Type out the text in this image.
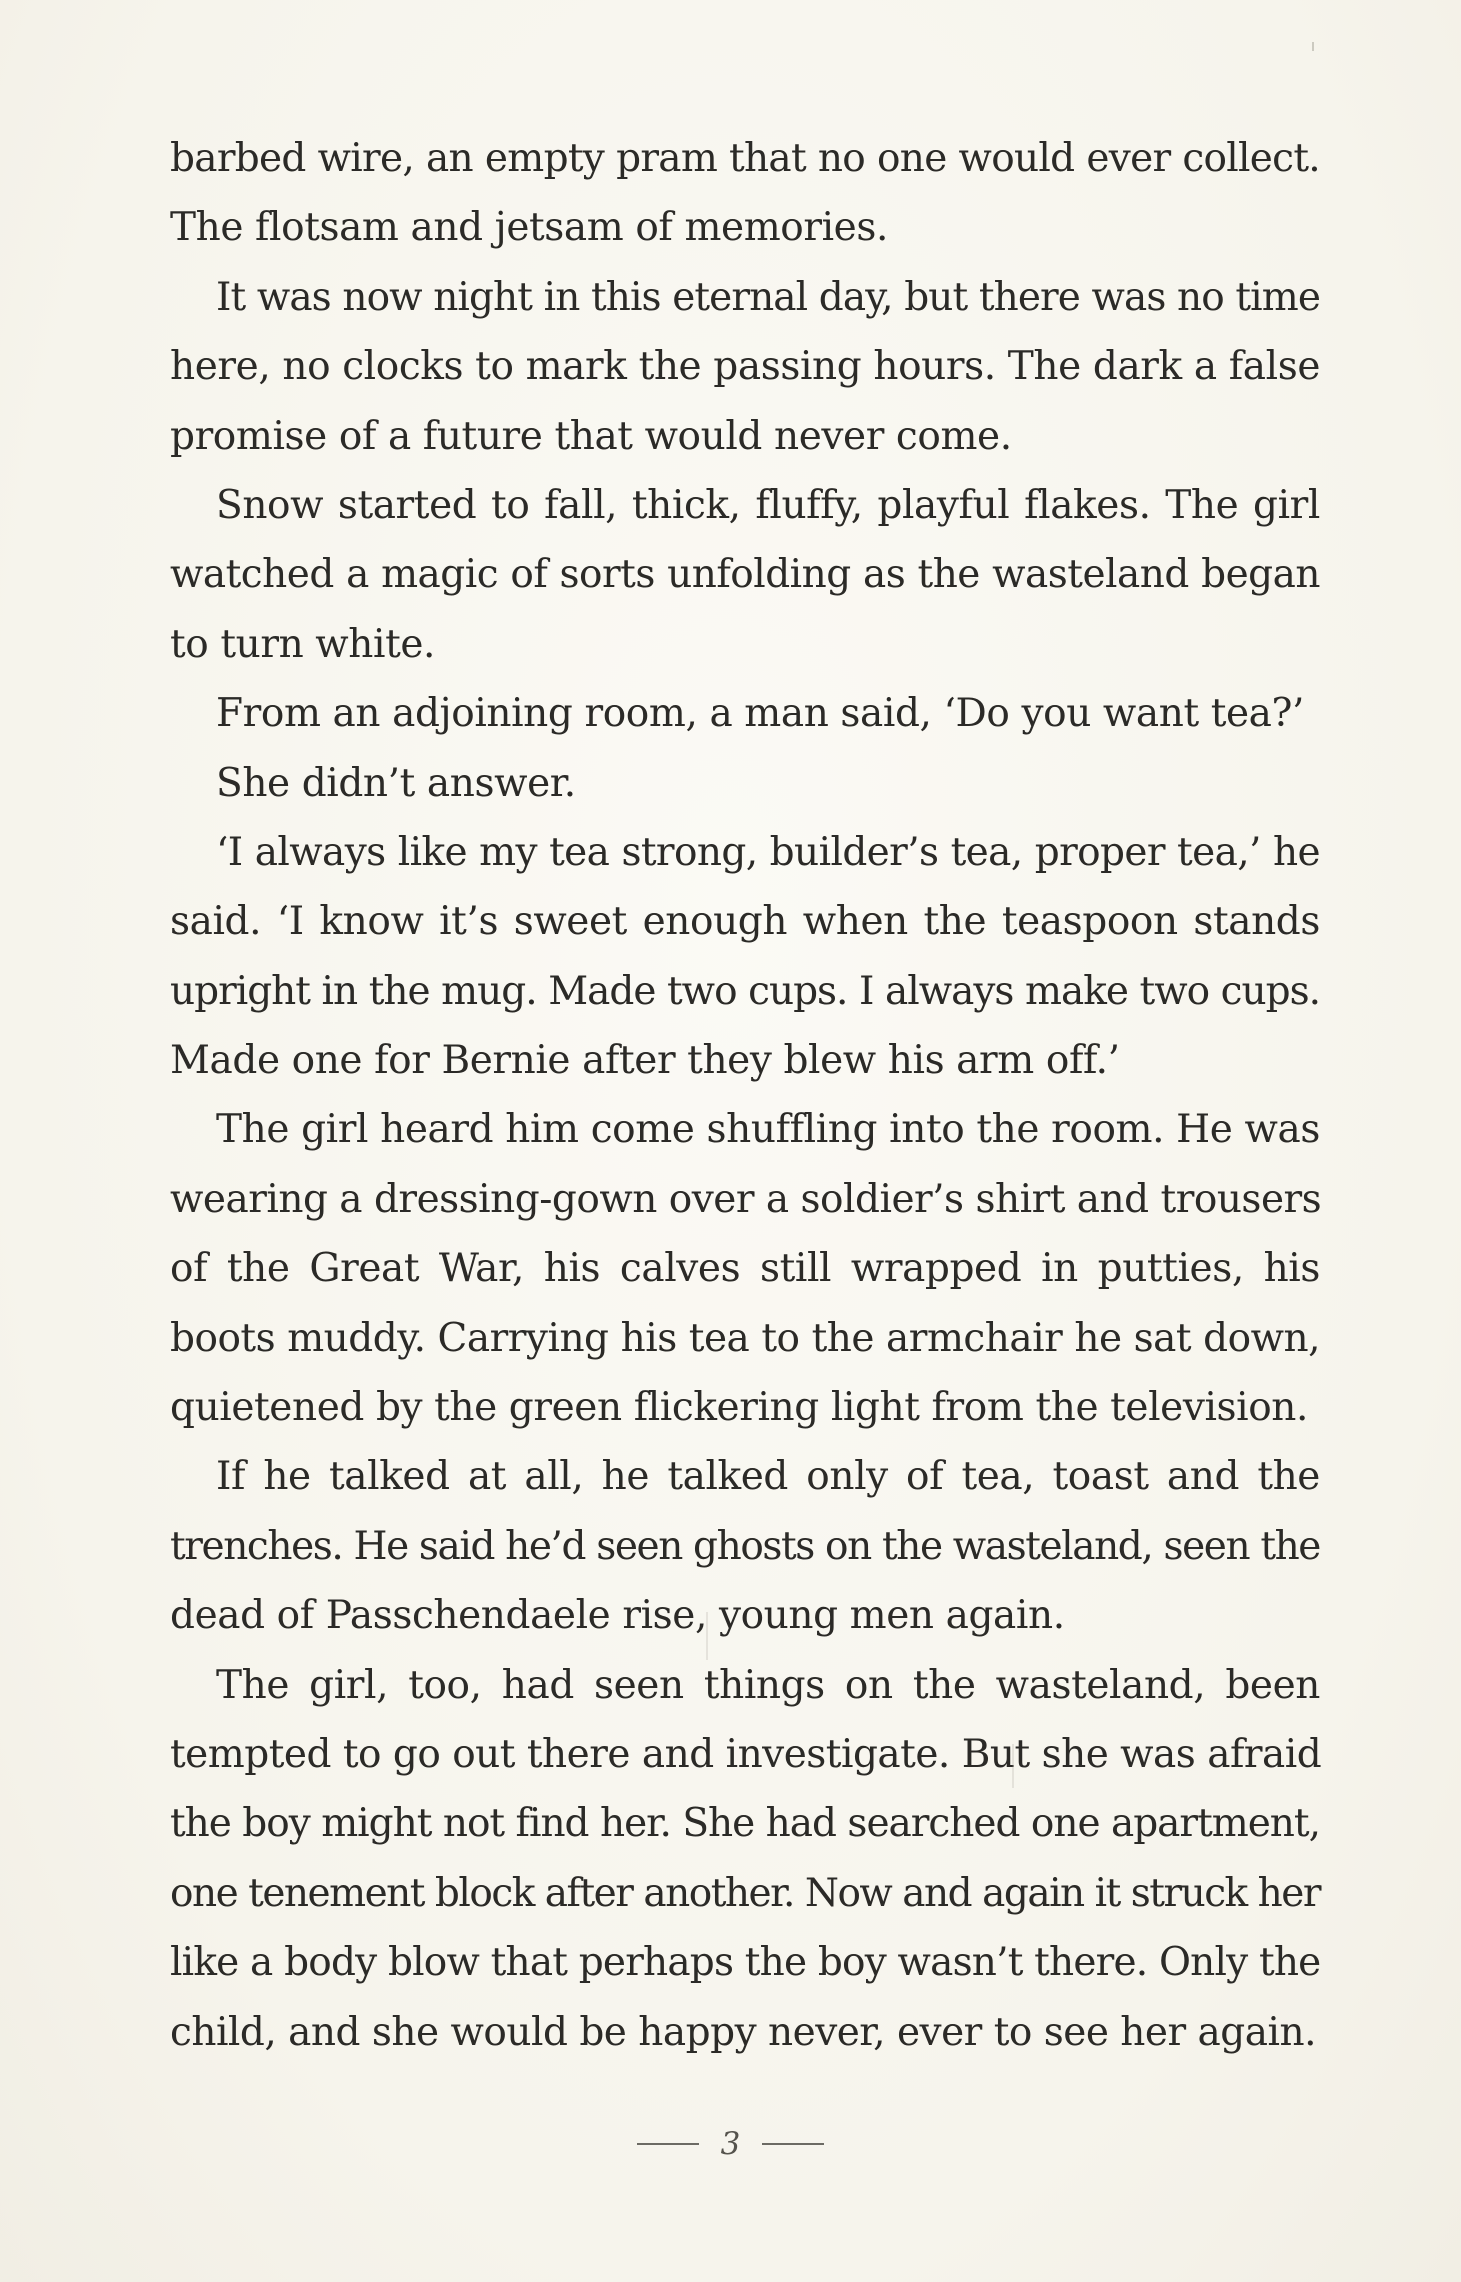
barbed wire, an empty pram that no one would ever collect.
The flotsam and jetsam of memories.
It was now night in this eternal day, but there was no time
here, no clocks to mark the passing hours. The dark a false
promise of a future that would never come.
Snow started to fall, thick, fluffy, playful flakes. The girl
watched a magic of sorts unfolding as the wasteland began
to turn white.
From an adjoining room, a man said, ‘Do you want tea?’
She didn’t answer.
‘I always like my tea strong, builder’s tea, proper tea,’ he
said. ‘I know it’s sweet enough when the teaspoon stands
upright in the mug. Made two cups. I always make two cups.
Made one for Bernie after they blew his arm off.’
The girl heard him come shuffling into the room. He was
wearing a dressing-gown over a soldier’s shirt and trousers
of the Great War, his calves still wrapped in putties, his
boots muddy. Carrying his tea to the armchair he sat down,
quietened by the green flickering light from the television.
If he talked at all, he talked only of tea, toast and the
trenches. He said he’d seen ghosts on the wasteland, seen the
dead of Passchendaele rise, young men again.
The girl, too, had seen things on the wasteland, been
tempted to go out there and investigate. But she was afraid
the boy might not find her. She had searched one apartment,
one tenement block after another. Now and again it struck her
like a body blow that perhaps the boy wasn’t there. Only the
child, and she would be happy never, ever to see her again.
3
